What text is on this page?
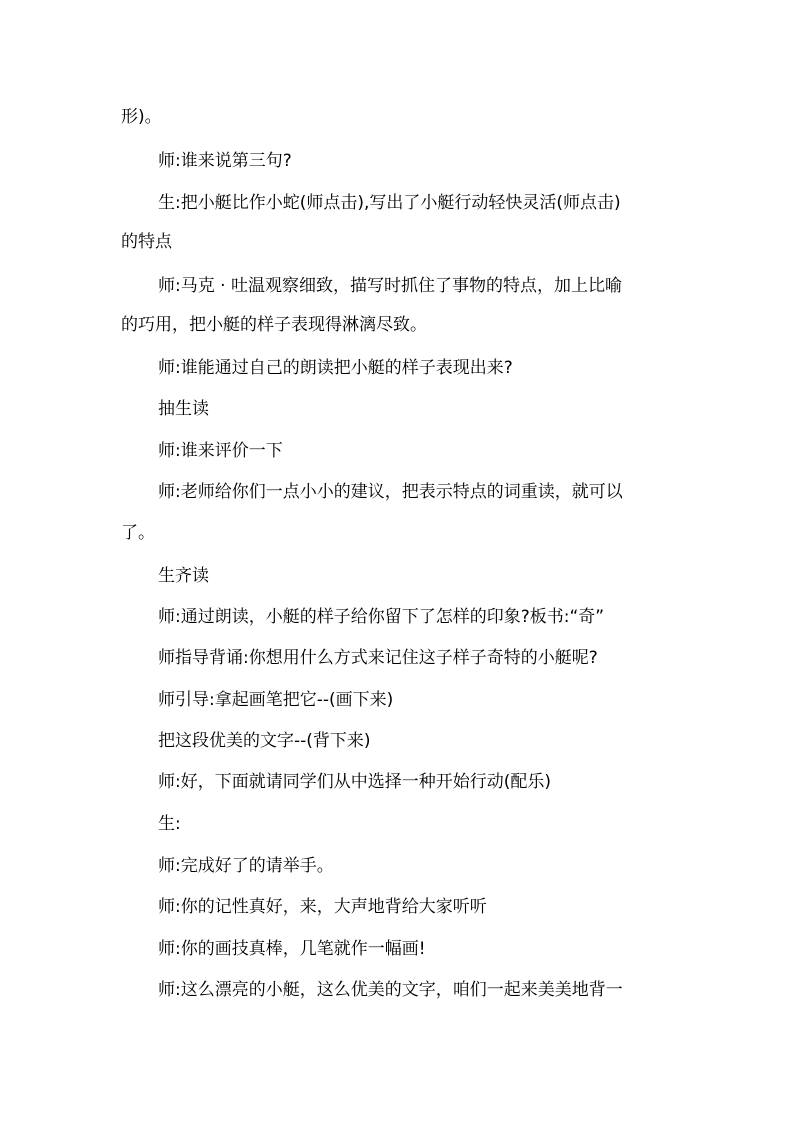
形)。
师:谁来说第三句?
生:把小艇比作小蛇(师点击),写出了小艇行动轻快灵活(师点击)
的特点
师:马克 · 吐温观察细致，描写时抓住了事物的特点，加上比喻
的巧用，把小艇的样子表现得淋漓尽致。
师:谁能通过自己的朗读把小艇的样子表现出来?
抽生读
师:谁来评价一下
师:老师给你们一点小小的建议，把表示特点的词重读，就可以
了。
生齐读
师:通过朗读，小艇的样子给你留下了怎样的印象?板书:“奇”
师指导背诵:你想用什么方式来记住这子样子奇特的小艇呢?
师引导:拿起画笔把它--(画下来)
把这段优美的文字--(背下来)
师:好，下面就请同学们从中选择一种开始行动(配乐)
生:
师:完成好了的请举手。
师:你的记性真好，来，大声地背给大家听听
师:你的画技真棒，几笔就作一幅画!
师:这么漂亮的小艇，这么优美的文字，咱们一起来美美地背一
